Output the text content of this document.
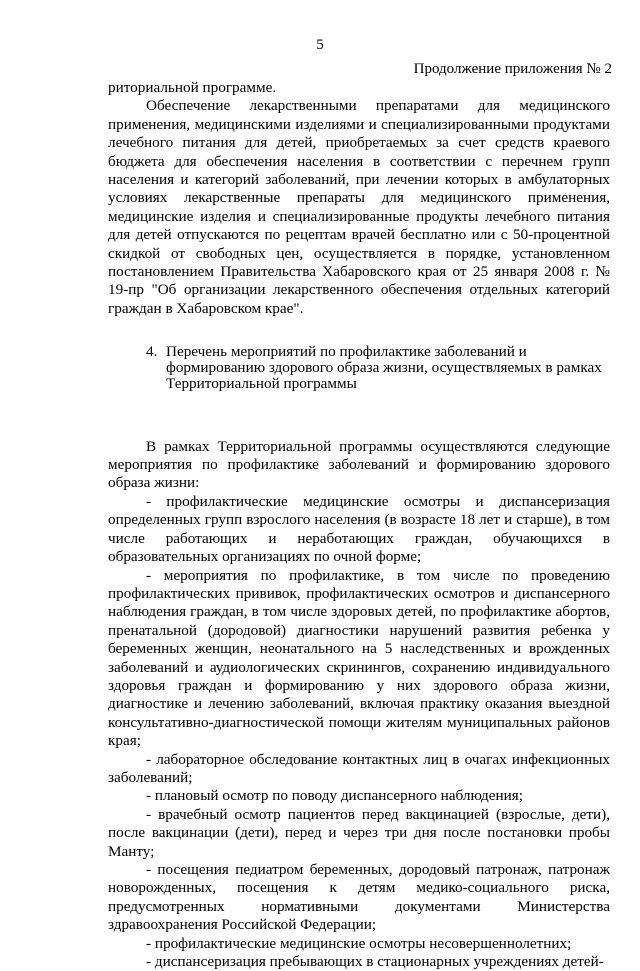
5
Продолжение приложения № 2

риториальной программе.

Обеспечение лекарственными препаратами для медицинского применения, медицинскими изделиями и специализированными продуктами лечебного питания для детей, приобретаемых за счет средств краевого бюджета для обеспечения населения в соответствии с перечнем групп населения и категорий заболеваний, при лечении которых в амбулаторных условиях лекарственные препараты для медицинского применения, медицинские изделия и специализированные продукты лечебного питания для детей отпускаются по рецептам врачей бесплатно или с 50-процентной скидкой от свободных цен, осуществляется в порядке, установленном постановлением Правительства Хабаровского края от 25 января 2008 г. № 19-пр "Об организации лекарственного обеспечения отдельных категорий граждан в Хабаровском крае".

4. Перечень мероприятий по профилактике заболеваний и формированию здорового образа жизни, осуществляемых в рамках Территориальной программы

В рамках Территориальной программы осуществляются следующие мероприятия по профилактике заболеваний и формированию здорового образа жизни:

- профилактические медицинские осмотры и диспансеризация определенных групп взрослого населения (в возрасте 18 лет и старше), в том числе работающих и неработающих граждан, обучающихся в образовательных организациях по очной форме;

- мероприятия по профилактике, в том числе по проведению профилактических прививок, профилактических осмотров и диспансерного наблюдения граждан, в том числе здоровых детей, по профилактике абортов, пренатальной (дородовой) диагностики нарушений развития ребенка у беременных женщин, неонатального на 5 наследственных и врожденных заболеваний и аудиологических скринингов, сохранению индивидуального здоровья граждан и формированию у них здорового образа жизни, диагностике и лечению заболеваний, включая практику оказания выездной консультативно-диагностической помощи жителям муниципальных районов края;

- лабораторное обследование контактных лиц в очагах инфекционных заболеваний;

- плановый осмотр по поводу диспансерного наблюдения;

- врачебный осмотр пациентов перед вакцинацией (взрослые, дети), после вакцинации (дети), перед и через три дня после постановки пробы Манту;

- посещения педиатром беременных, дородовый патронаж, патронаж новорожденных, посещения к детям медико-социального риска, предусмотренных нормативными документами Министерства здравоохранения Российской Федерации;

- профилактические медицинские осмотры несовершеннолетних;

- диспансеризация пребывающих в стационарных учреждениях детей-
